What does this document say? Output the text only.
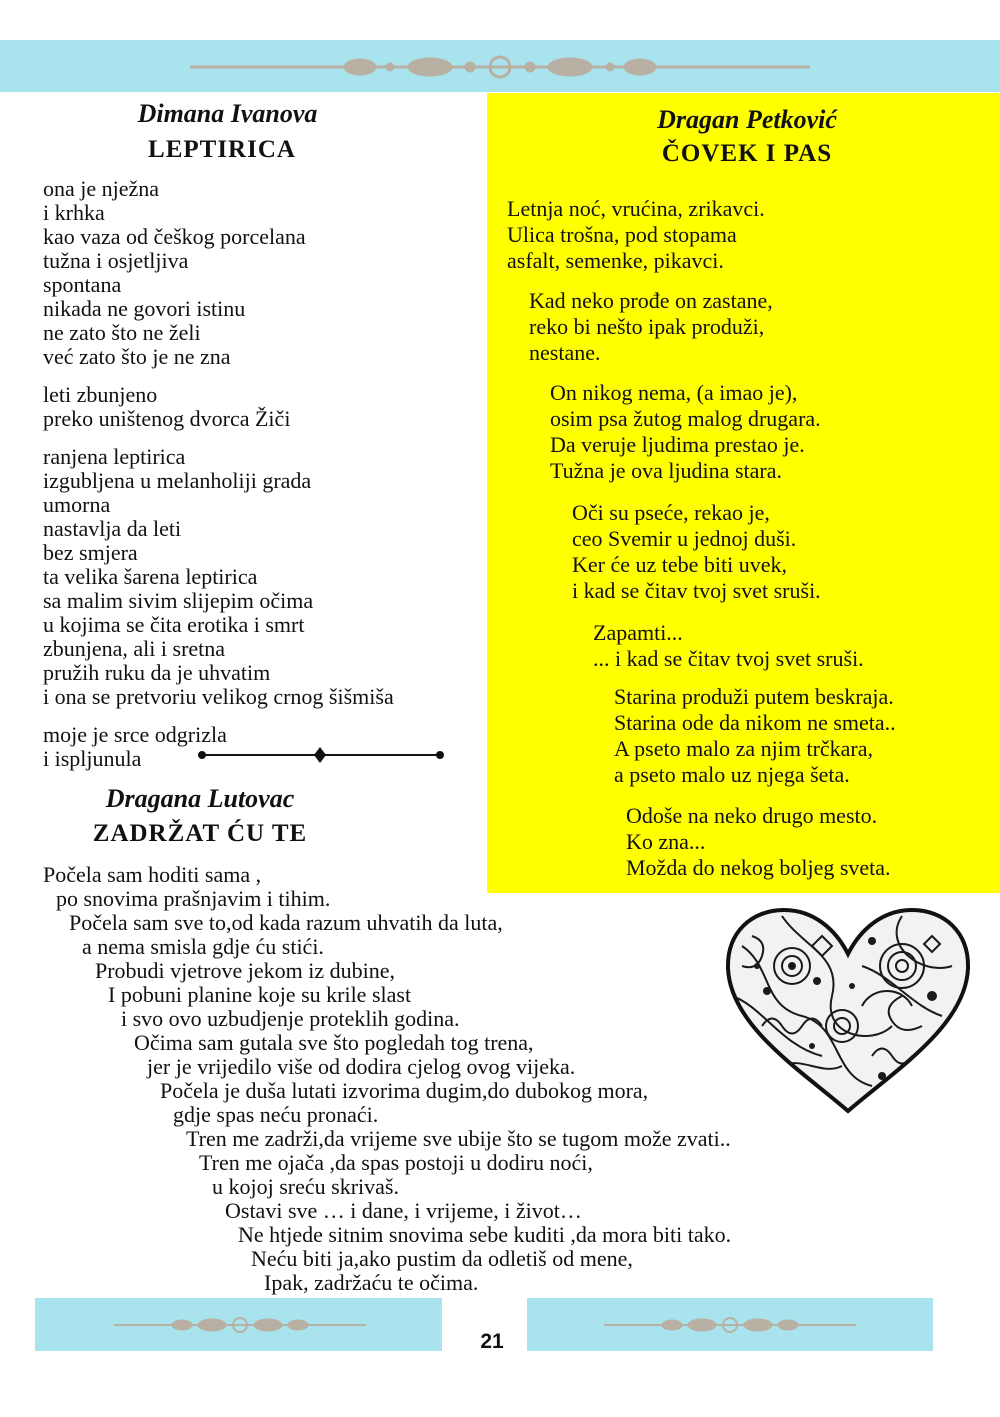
Dimana Ivanova
LEPTIRICA
ona je nježna
i krhka
kao vaza od češkog porcelana
tužna i osjetljiva
spontana
nikada ne govori istinu
ne zato što ne želi
već zato što je ne zna
leti zbunjeno
preko uništenog dvorca Žiči
ranjena leptirica
izgubljena u melanholiji grada
umorna
nastavlja da leti
bez smjera
ta velika šarena leptirica
sa malim sivim slijepim očima
u kojima se čita erotika i smrt
zbunjena, ali i sretna
pružih ruku da je uhvatim
i ona se pretvoriu velikog crnog šišmiša
moje je srce odgrizla
i ispljunula
Dragana Lutovac
ZADRŽAT ĆU TE
Počela sam hoditi sama ,
po snovima prašnjavim i tihim.
Počela sam sve to,od kada razum uhvatih da luta,
a nema smisla gdje ću stići.
Probudi vjetrove jekom iz dubine,
I pobuni planine koje su krile slast
i svo ovo uzbudjenje proteklih godina.
Očima sam gutala sve što pogledah tog trena,
jer je vrijedilo više od dodira cjelog ovog vijeka.
Počela je duša lutati izvorima dugim,do dubokog mora,
gdje spas neću pronaći.
Tren me zadrži,da vrijeme sve ubije što se tugom može zvati..
Tren me ojača ,da spas postoji u dodiru noći,
u kojoj sreću skrivaš.
Ostavi sve … i dane, i vrijeme, i život…
Ne htjede sitnim snovima sebe kuditi ,da mora biti tako.
Neću biti ja,ako pustim da odletiš od mene,
Ipak, zadržaću te očima.
Dragan Petković
ČOVEK I PAS
Letnja noć, vrućina, zrikavci.
Ulica trošna, pod stopama
asfalt, semenke, pikavci.
Kad neko prođe on zastane,
reko bi nešto ipak produži,
nestane.
On nikog nema, (a imao je),
osim psa žutog malog drugara.
Da veruje ljudima prestao je.
Tužna je ova ljudina stara.
Oči su pseće, rekao je,
ceo Svemir u jednoj duši.
Ker će uz tebe biti uvek,
i kad se čitav tvoj svet sruši.
Zapamti...
... i kad se čitav tvoj svet sruši.
Starina produži putem beskraja.
Starina ode da nikom ne smeta..
A pseto malo za njim trčkara,
a pseto malo uz njega šeta.
Odoše na neko drugo mesto.
Ko zna...
Možda do nekog boljeg sveta.
21
